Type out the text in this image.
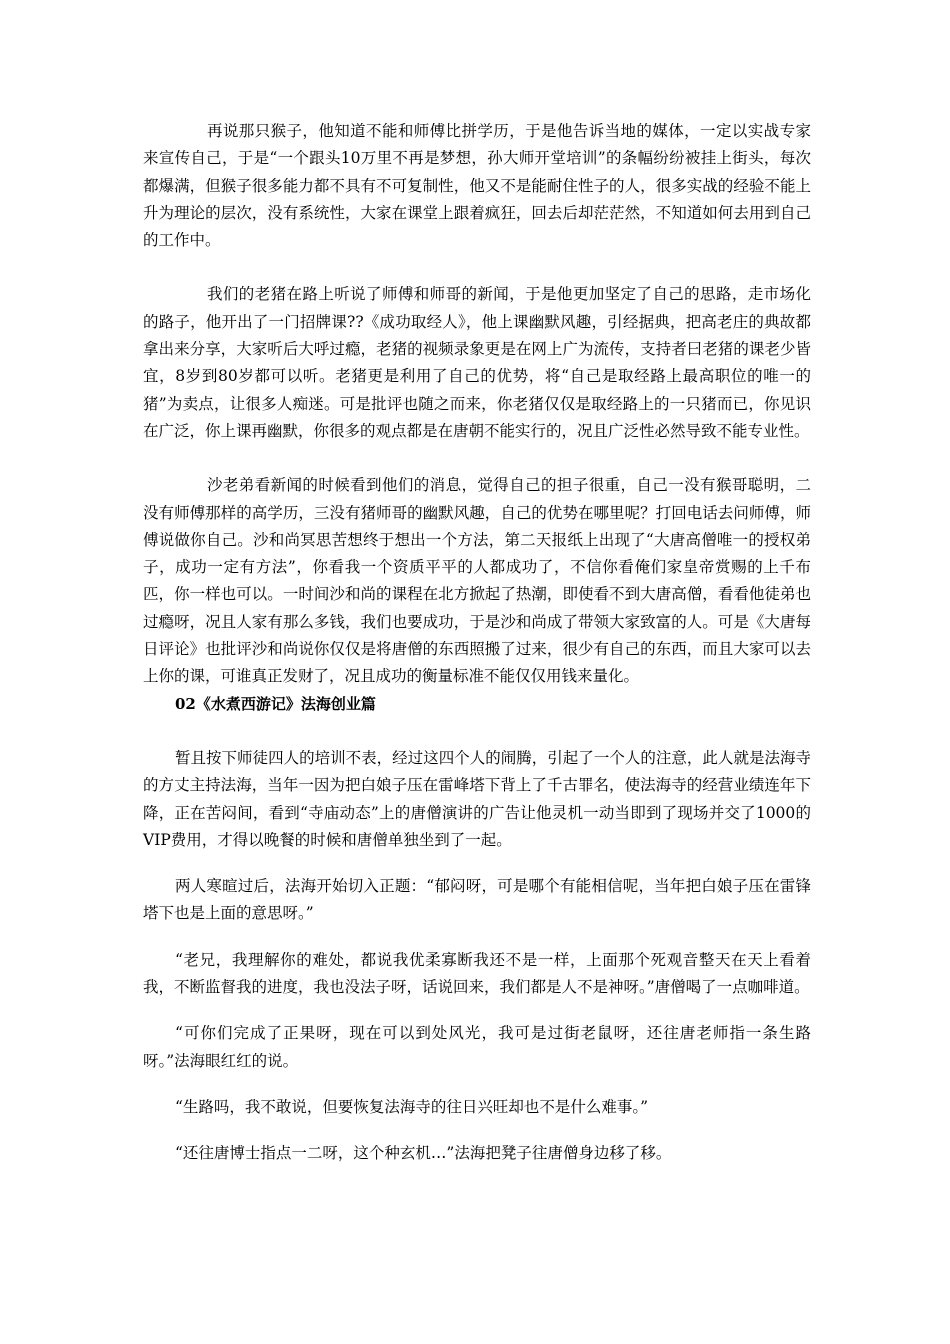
再说那只猴子，他知道不能和师傅比拼学历，于是他告诉当地的媒体，一定以实战专家来宣传自己，于是“一个跟头10万里不再是梦想，孙大师开堂培训”的条幅纷纷被挂上街头，每次都爆满，但猴子很多能力都不具有不可复制性，他又不是能耐住性子的人，很多实战的经验不能上升为理论的层次，没有系统性，大家在课堂上跟着疯狂，回去后却茫茫然，不知道如何去用到自己的工作中。

我们的老猪在路上听说了师傅和师哥的新闻，于是他更加坚定了自己的思路，走市场化的路子，他开出了一门招牌课??《成功取经人》，他上课幽默风趣，引经据典，把高老庄的典故都拿出来分享，大家听后大呼过瘾，老猪的视频录象更是在网上广为流传，支持者曰老猪的课老少皆宜，8岁到80岁都可以听。老猪更是利用了自己的优势，将“自己是取经路上最高职位的唯一的猪”为卖点，让很多人痴迷。可是批评也随之而来，你老猪仅仅是取经路上的一只猪而已，你见识在广泛，你上课再幽默，你很多的观点都是在唐朝不能实行的，况且广泛性必然导致不能专业性。

沙老弟看新闻的时候看到他们的消息，觉得自己的担子很重，自己一没有猴哥聪明，二没有师傅那样的高学历，三没有猪师哥的幽默风趣，自己的优势在哪里呢？打回电话去问师傅，师傅说做你自己。沙和尚冥思苦想终于想出一个方法，第二天报纸上出现了“大唐高僧唯一的授权弟子，成功一定有方法”，你看我一个资质平平的人都成功了，不信你看俺们家皇帝赏赐的上千布匹，你一样也可以。一时间沙和尚的课程在北方掀起了热潮，即使看不到大唐高僧，看看他徒弟也过瘾呀，况且人家有那么多钱，我们也要成功，于是沙和尚成了带领大家致富的人。可是《大唐每日评论》也批评沙和尚说你仅仅是将唐僧的东西照搬了过来，很少有自己的东西，而且大家可以去上你的课，可谁真正发财了，况且成功的衡量标准不能仅仅用钱来量化。

02《水煮西游记》法海创业篇

暂且按下师徒四人的培训不表，经过这四个人的闹腾，引起了一个人的注意，此人就是法海寺的方丈主持法海，当年一因为把白娘子压在雷峰塔下背上了千古罪名，使法海寺的经营业绩连年下降，正在苦闷间，看到“寺庙动态”上的唐僧演讲的广告让他灵机一动当即到了现场并交了1000的VIP费用，才得以晚餐的时候和唐僧单独坐到了一起。

两人寒暄过后，法海开始切入正题：“郁闷呀，可是哪个有能相信呢，当年把白娘子压在雷锋塔下也是上面的意思呀。”

“老兄，我理解你的难处，都说我优柔寡断我还不是一样，上面那个死观音整天在天上看着我，不断监督我的进度，我也没法子呀，话说回来，我们都是人不是神呀。”唐僧喝了一点咖啡道。

“可你们完成了正果呀，现在可以到处风光，我可是过街老鼠呀，还往唐老师指一条生路呀。”法海眼红红的说。

“生路吗，我不敢说，但要恢复法海寺的往日兴旺却也不是什么难事。”

“还往唐博士指点一二呀，这个种玄机…”法海把凳子往唐僧身边移了移。
